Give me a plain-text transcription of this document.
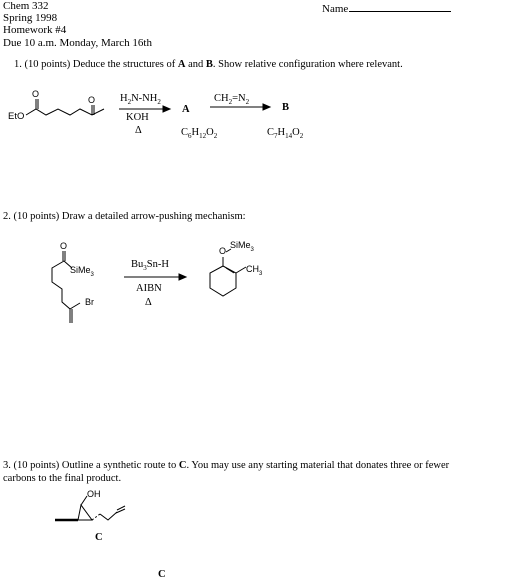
Chem 332
Spring 1998
Homework #4
Due 10 a.m. Monday, March 16th
Name
1. (10 points) Deduce the structures of A and B. Show relative configuration where relevant.
O
O
EtO
$H_2N-NH_2$
KOH
Δ
A
$C_6H_{12}O_2$
$CH_2=N_2$	B
$C_7H_{14}O_2$
2. (10 points) Draw a detailed arrow-pushing mechanism:
O
SiMe$_3$
Br
$Bu_3Sn-H$
AIBN
Δ
O
SiMe$_3$
$CH_3$
3. (10 points) Outline a synthetic route to C. You may use any starting material that donates three or fewer
carbons to the final product.
OH
C
C
